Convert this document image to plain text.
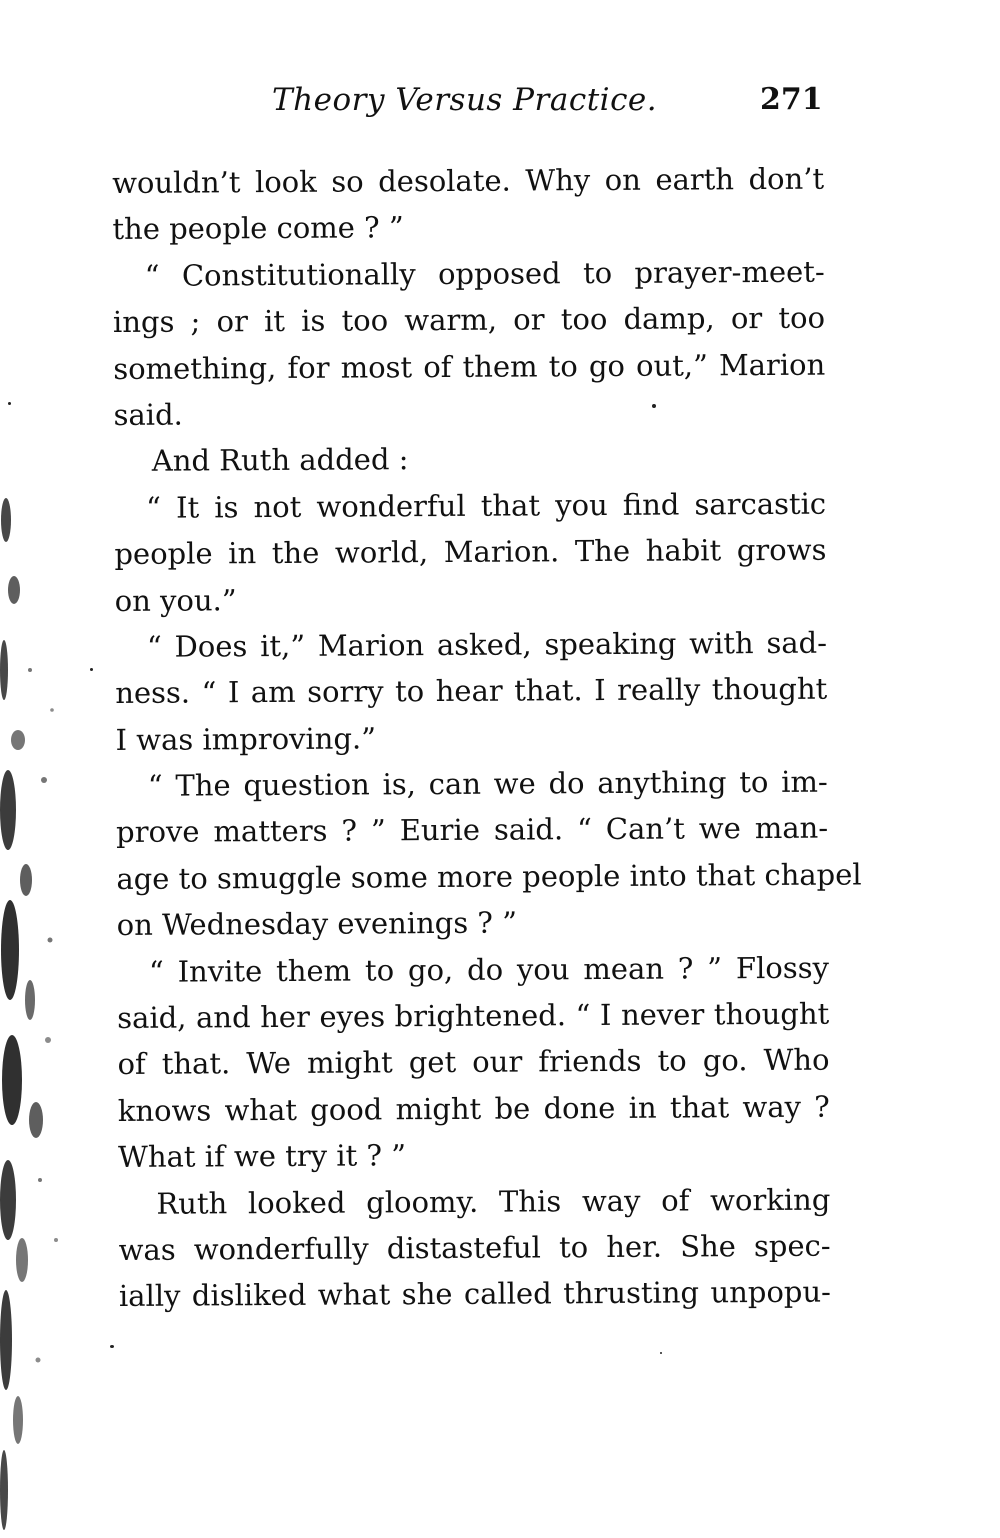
Theory Versus Practice.	271
wouldn’t look so desolate. Why on earth don’t
the people come ? ”
“ Constitutionally opposed to prayer-meet-
ings ; or it is too warm, or too damp, or too
something, for most of them to go out,” Marion
said.
And Ruth added :
“ It is not wonderful that you find sarcastic
people in the world, Marion. The habit grows
on you.”
“ Does it,” Marion asked, speaking with sad-
ness. “ I am sorry to hear that. I really thought
I was improving.”
“ The question is, can we do anything to im-
prove matters ? ” Eurie said. “ Can’t we man-
age to smuggle some more people into that chapel
on Wednesday evenings ? ”
“ Invite them to go, do you mean ? ” Flossy
said, and her eyes brightened. “ I never thought
of that. We might get our friends to go. Who
knows what good might be done in that way ?
What if we try it ? ”
Ruth looked gloomy. This way of working
was wonderfully distasteful to her. She spec-
ially disliked what she called thrusting unpopu-
